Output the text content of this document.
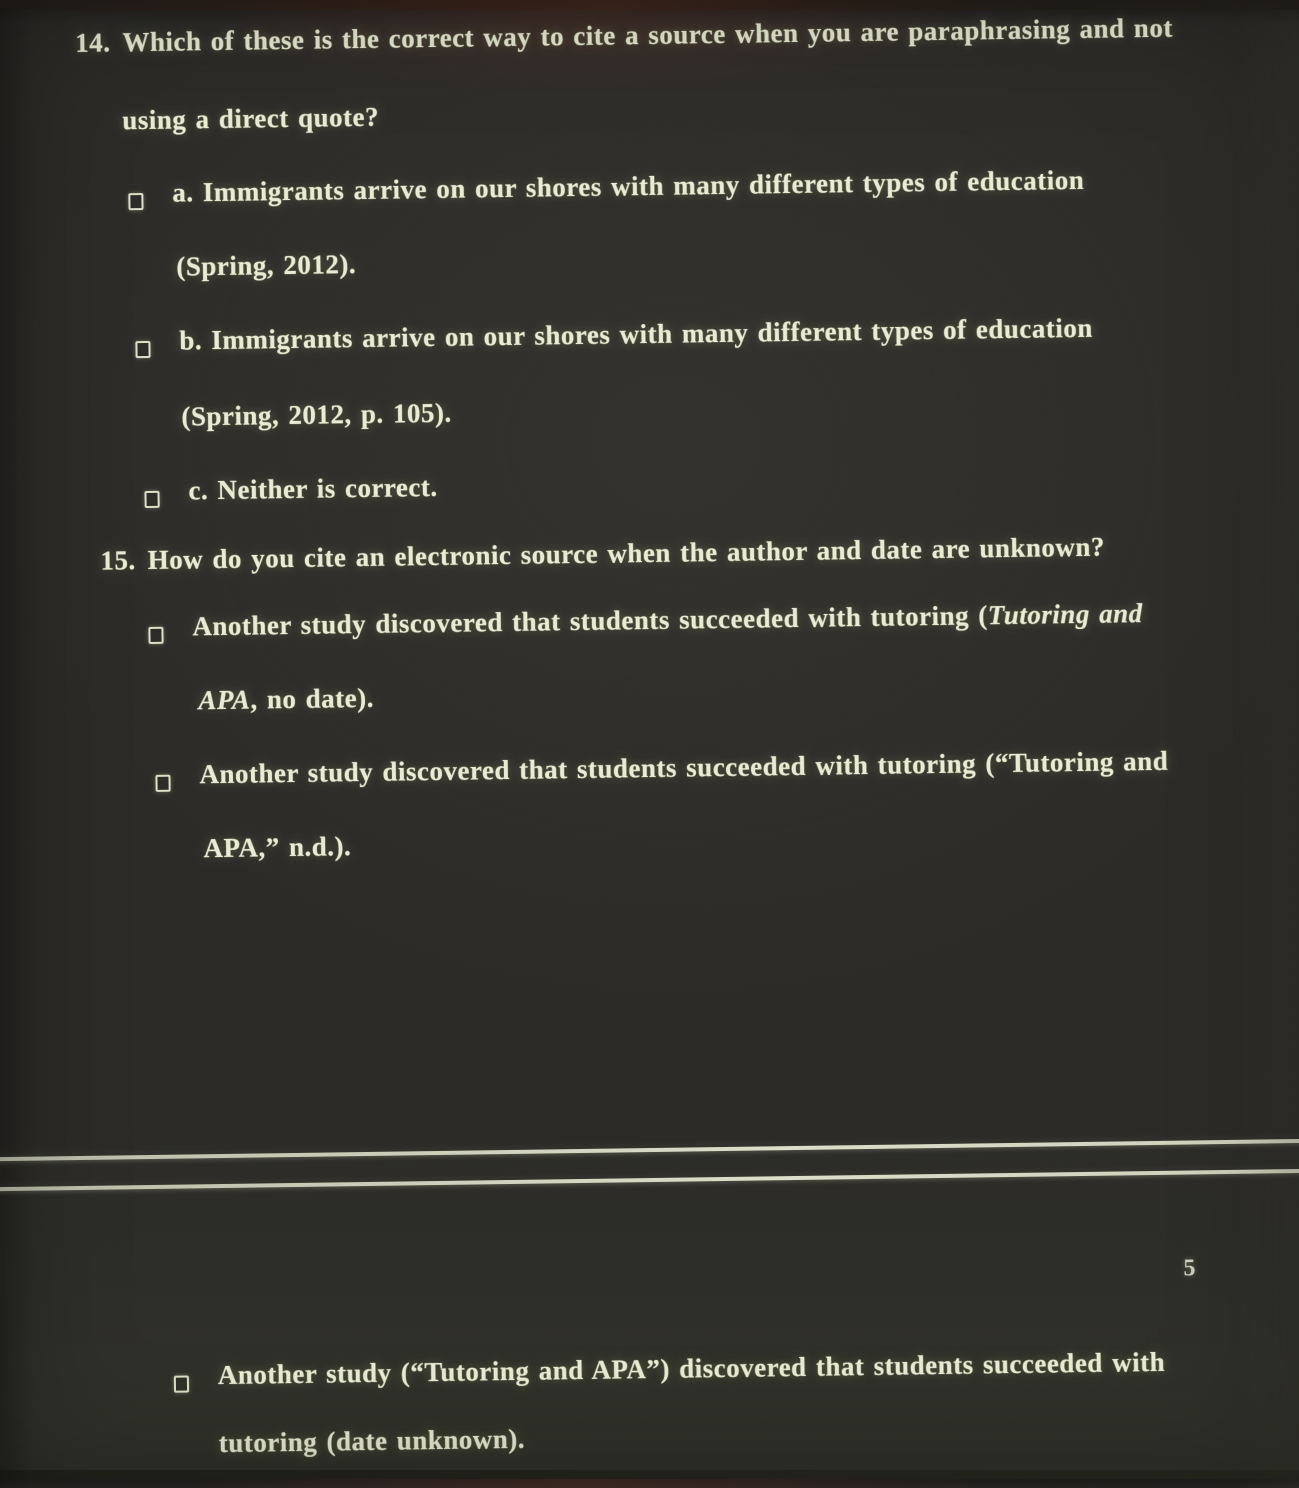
14. Which of these is the correct way to cite a source when you are paraphrasing and not
using a direct quote?
a. Immigrants arrive on our shores with many different types of education
(Spring, 2012).
b. Immigrants arrive on our shores with many different types of education
(Spring, 2012, p. 105).
c. Neither is correct.
15. How do you cite an electronic source when the author and date are unknown?
Another study discovered that students succeeded with tutoring (Tutoring and
APA, no date).
Another study discovered that students succeeded with tutoring (“Tutoring and
APA,” n.d.).
5
Another study (“Tutoring and APA”) discovered that students succeeded with
tutoring (date unknown).
